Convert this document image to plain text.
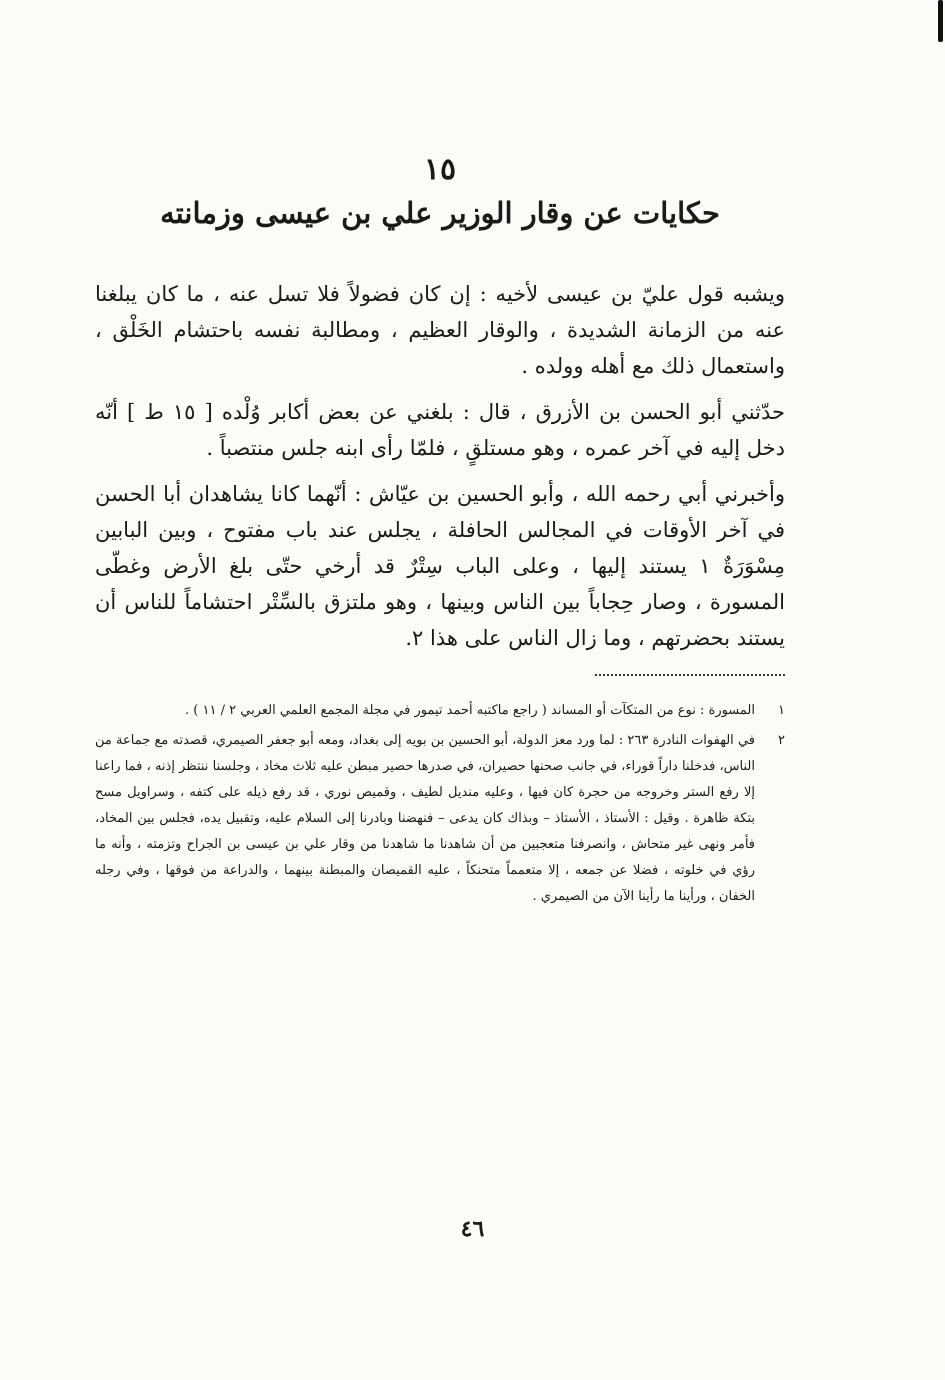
١٥
حكايات عن وقار الوزير علي بن عيسى وزمانته

ويشبه قول عليّ بن عيسى لأخيه : إن كان فضولاً فلا تسل عنه ، ما كان يبلغنا عنه من الزمانة الشديدة ، والوقار العظيم ، ومطالبة نفسه باحتشام الخَلْق ، واستعمال ذلك مع أهله وولده .

حدّثني أبو الحسن بن الأزرق ، قال : بلغني عن بعض أكابر وُلْده [ ١٥ ط ] أنّه دخل إليه في آخر عمره ، وهو مستلقٍ ، فلمّا رأى ابنه جلس منتصباً .

وأخبرني أبي رحمه الله ، وأبو الحسين بن عيّاش : أنّهما كانا يشاهدان أبا الحسن في آخر الأوقات في المجالس الحافلة ، يجلس عند باب مفتوح ، وبين البابين مِسْوَرَةٌ ١ يستند إليها ، وعلى الباب سِتْرٌ قد أرخي حتّى بلغ الأرض وغطّى المسورة ، وصار حِجاباً بين الناس وبينها ، وهو ملتزق بالسِّتْر احتشاماً للناس أن يستند بحضرتهم ، وما زال الناس على هذا ٢.

١
المسورة : نوع من المتكآت أو المساند ( راجع ماكتبه أحمد تيمور في مجلة المجمع العلمي العربي ٢ / ١١ ) .
٢
في الهفوات النادرة ٢٦٣ : لما ورد معز الدولة، أبو الحسين بن بويه إلى بغداد، ومعه أبو جعفر الصيمري، قصدته مع جماعة من الناس، فدخلنا داراً قوراء، في جانب صحنها حصيران، في صدرها حصير مبطن عليه ثلاث مخاد ، وجلسنا ننتظر إذنه ، فما راعنا إلا رفع الستر وخروجه من حجرة كان فيها ، وعليه منديل لطيف ، وقميص نوري ، قد رفع ذيله على كتفه ، وسراويل مسح بتكة ظاهرة . وقيل : الأستاذ ، الأستاذ – وبذاك كان يدعى – فنهضنا وبادرنا إلى السلام عليه، وتقبيل يده، فجلس بين المخاد، فأمر ونهى غير متحاش ، وانصرفنا متعجبين من أن شاهدنا ما شاهدنا من وقار علي بن عيسى بن الجراح وتزمته ، وأنه ما رؤي في خلوته ، فضلا عن جمعه ، إلا متعمماً متحنكاً ، عليه القميصان والمبطنة بينهما ، والدراعة من فوقها ، وفي رجله الخفان ، ورأينا ما رأينا الآن من الصيمري .

٤٦
